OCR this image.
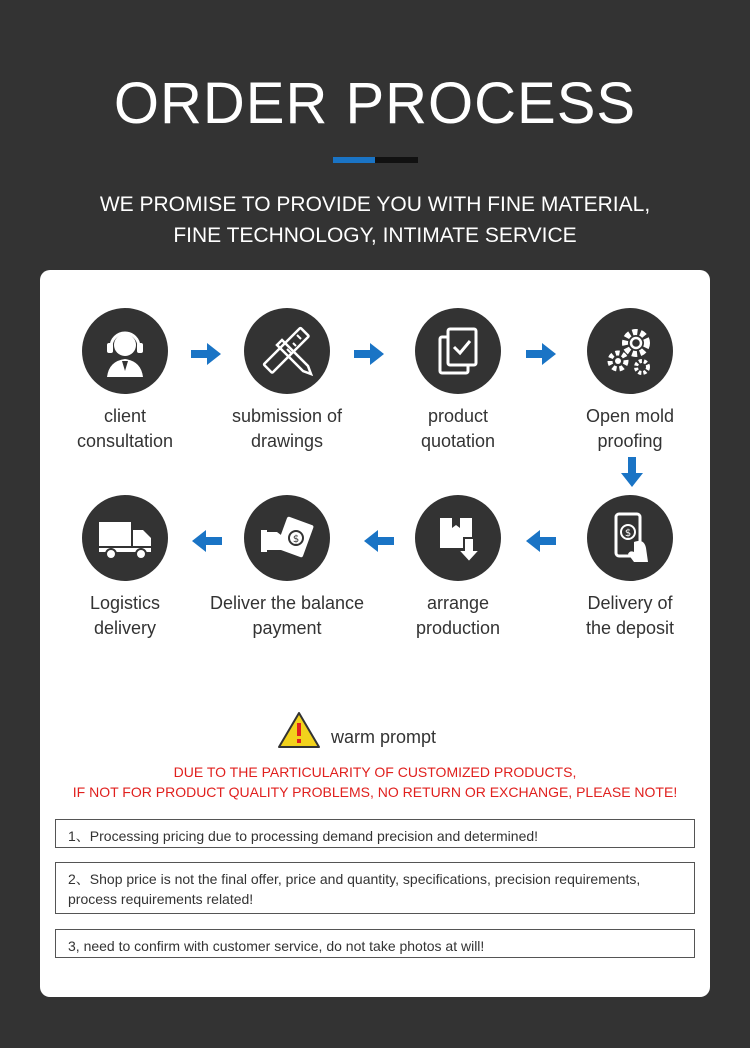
ORDER PROCESS
WE PROMISE TO PROVIDE YOU WITH FINE MATERIAL,
FINE TECHNOLOGY, INTIMATE SERVICE
client
consultation
submission of
drawings
product
quotation
Open mold
proofing
$
Delivery of
the deposit
arrange
production
$
Deliver the balance
payment
Logistics
delivery
warm prompt
DUE TO THE PARTICULARITY OF CUSTOMIZED PRODUCTS,
IF NOT FOR PRODUCT QUALITY PROBLEMS, NO RETURN OR EXCHANGE, PLEASE NOTE!
1、Processing pricing due to processing demand precision and determined!
2、Shop price is not the final offer, price and quantity, specifications, precision requirements, process requirements related!
3, need to confirm with customer service, do not take photos at will!
